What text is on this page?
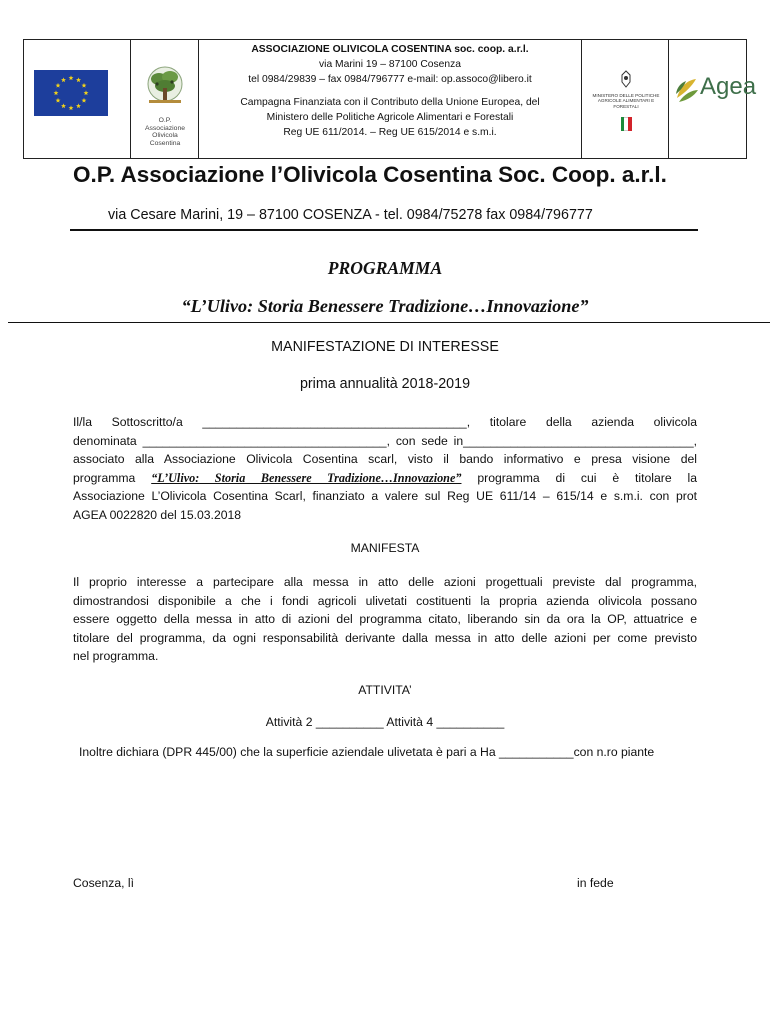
O.P.
Associazione
Olivicola Cosentina
ASSOCIAZIONE OLIVICOLA COSENTINA soc. coop. a.r.l.
via Marini 19 – 87100 Cosenza
tel 0984/29839 – fax 0984/796777 e-mail: op.assoco@libero.it
Campagna Finanziata con il Contributo della Unione Europea, del
Ministero delle Politiche Agricole Alimentari e Forestali
Reg UE 611/2014. – Reg UE 615/2014 e s.m.i.
MINISTERO DELLE POLITICHE AGRICOLE ALIMENTARI E FORESTALI
Agea
O.P. Associazione l’Olivicola Cosentina Soc. Coop. a.r.l.
via Cesare Marini, 19 – 87100 COSENZA - tel. 0984/75278 fax 0984/796777
PROGRAMMA
“L’Ulivo: Storia Benessere Tradizione…Innovazione”
MANIFESTAZIONE DI INTERESSE
prima annualità 2018-2019
Il/la Sottoscritto/a _______________________________________, titolare della azienda olivicola
denominata ____________________________________, con sede in__________________________________,
associato alla Associazione Olivicola Cosentina scarl, visto il bando informativo e presa visione del
programma “L’Ulivo: Storia Benessere Tradizione…Innovazione” programma di cui è titolare la
Associazione L’Olivicola Cosentina Scarl, finanziato a valere sul Reg UE 611/14 – 615/14 e s.m.i. con prot
AGEA 0022820 del 15.03.2018
MANIFESTA
Il proprio interesse a partecipare alla messa in atto delle azioni progettuali previste dal programma,
dimostrandosi disponibile a che i fondi agricoli ulivetati costituenti la propria azienda olivicola possano
essere oggetto della messa in atto di azioni del programma citato, liberando sin da ora la OP, attuatrice e
titolare del programma, da ogni responsabilità derivante dalla messa in atto delle azioni per come previsto
nel programma.
ATTIVITA’
Attività 2 __________ Attività 4 __________
Inoltre dichiara (DPR 445/00) che la superficie aziendale ulivetata è pari a Ha ___________con n.ro piante
Cosenza, lì	in fede
